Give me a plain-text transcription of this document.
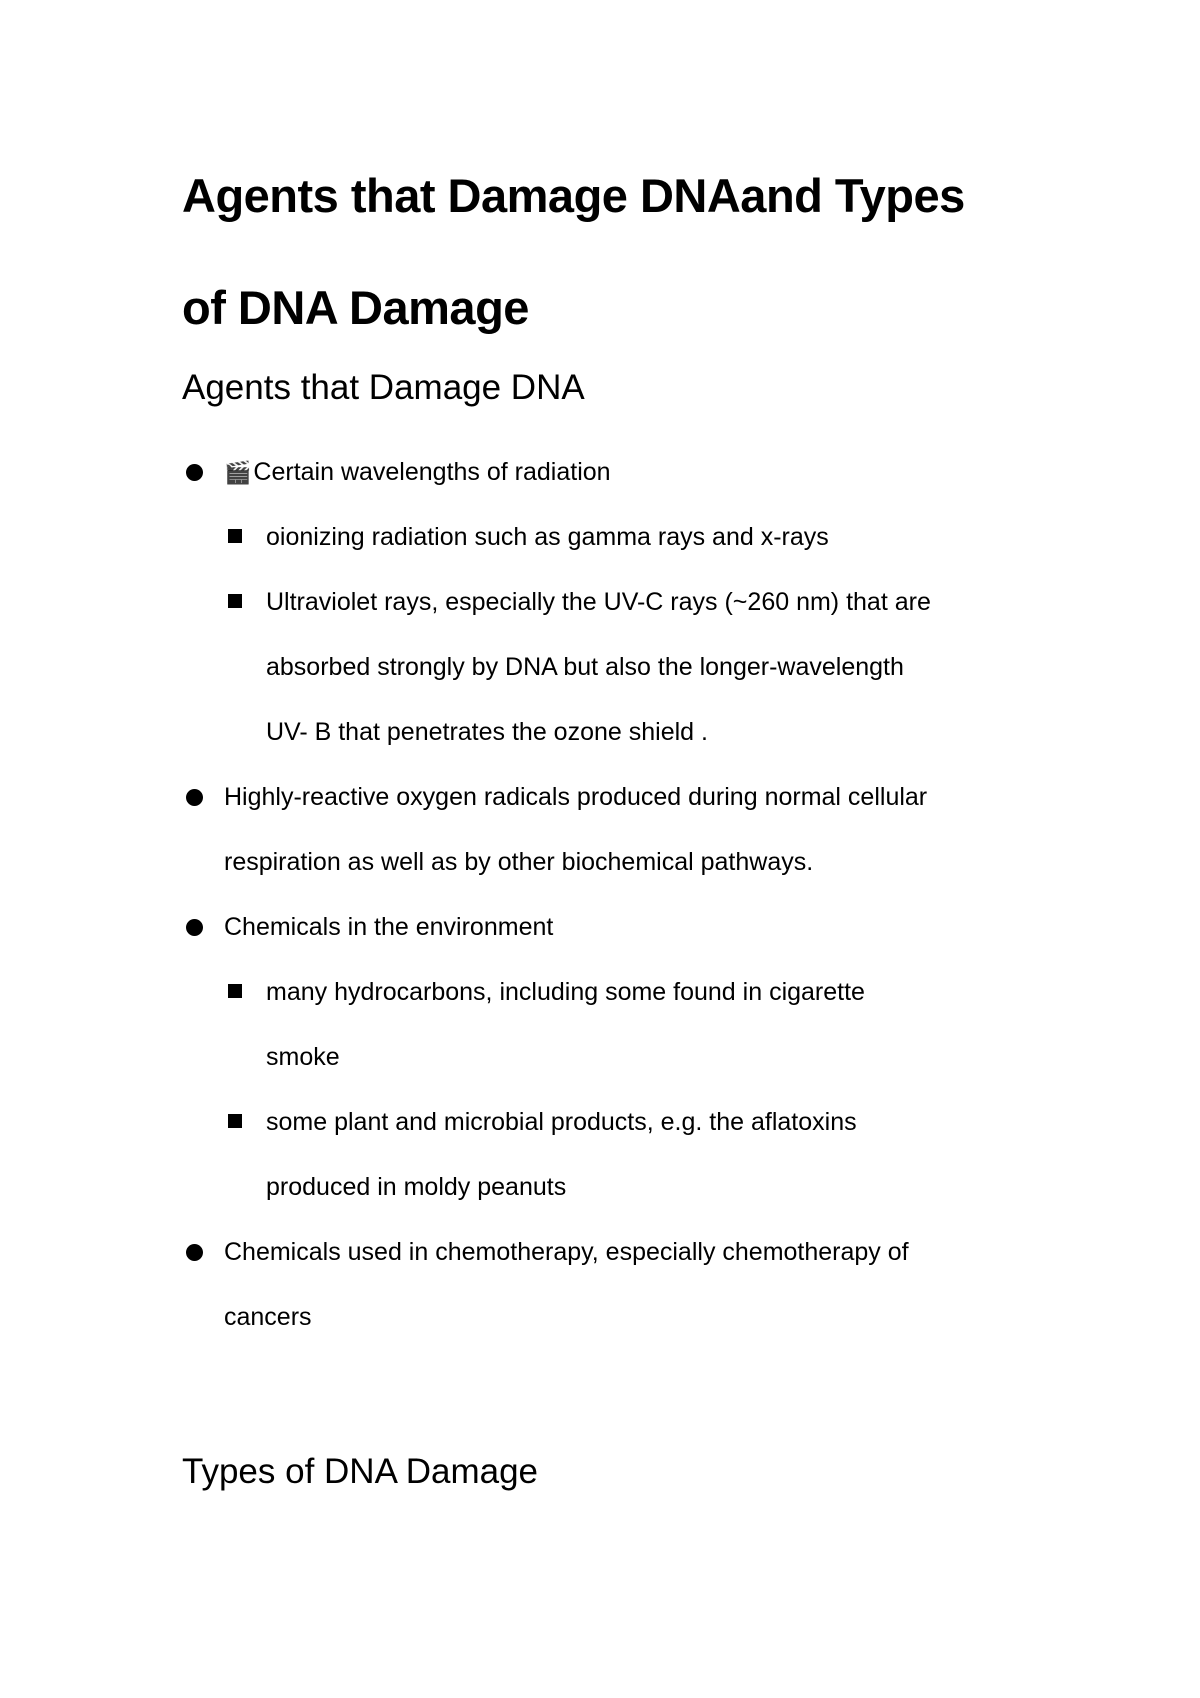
Agents that Damage DNAand Types
of DNA Damage
Agents that Damage DNA
🎬Certain wavelengths of radiation
oionizing radiation such as gamma rays and x-rays
Ultraviolet rays, especially the UV-C rays (~260 nm) that are
absorbed strongly by DNA but also the longer-wavelength
UV- B that penetrates the ozone shield .
Highly-reactive oxygen radicals produced during normal cellular
respiration as well as by other biochemical pathways.
Chemicals in the environment
many hydrocarbons, including some found in cigarette
smoke
some plant and microbial products, e.g. the aflatoxins
produced in moldy peanuts
Chemicals used in chemotherapy, especially chemotherapy of
cancers
Types of DNA Damage
